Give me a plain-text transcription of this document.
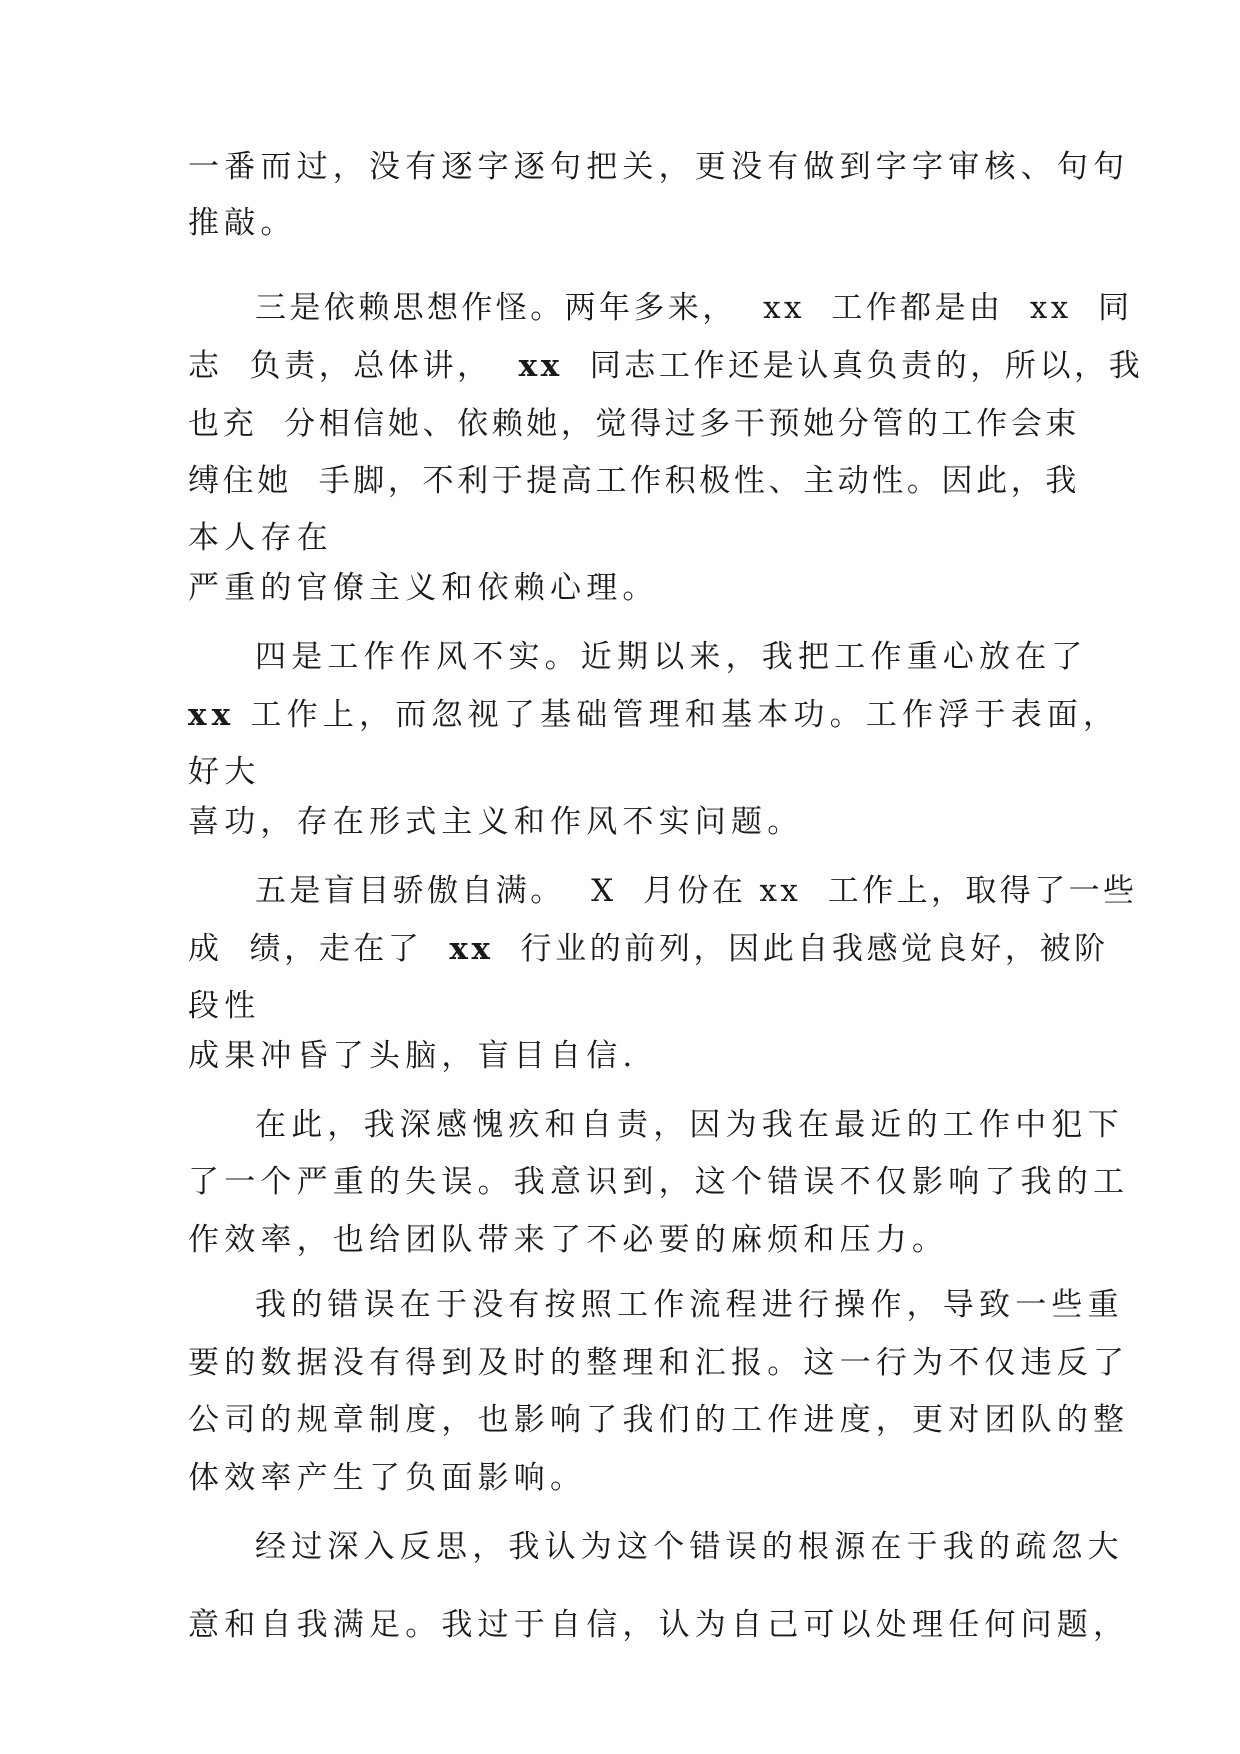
一番而过，没有逐字逐句把关，更没有做到字字审核、句句

推敲。

三是依赖思想作怪。两年多来，  xx  工作都是由  xx  同

志  负责，总体讲，  xx  同志工作还是认真负责的，所以，我

也充  分相信她、依赖她，觉得过多干预她分管的工作会束

缚住她  手脚，不利于提高工作积极性、主动性。因此，我

本人存在

严重的官僚主义和依赖心理。

四是工作作风不实。近期以来，我把工作重心放在了

xx 工作上，而忽视了基础管理和基本功。工作浮于表面，

好大

喜功，存在形式主义和作风不实问题。

五是盲目骄傲自满。  X  月份在 xx  工作上，取得了一些

成  绩，走在了  xx  行业的前列，因此自我感觉良好，被阶

段性

成果冲昏了头脑，盲目自信.

在此，我深感愧疚和自责，因为我在最近的工作中犯下

了一个严重的失误。我意识到，这个错误不仅影响了我的工

作效率，也给团队带来了不必要的麻烦和压力。

我的错误在于没有按照工作流程进行操作，导致一些重

要的数据没有得到及时的整理和汇报。这一行为不仅违反了

公司的规章制度，也影响了我们的工作进度，更对团队的整

体效率产生了负面影响。

经过深入反思，我认为这个错误的根源在于我的疏忽大

意和自我满足。我过于自信，认为自己可以处理任何问题，
